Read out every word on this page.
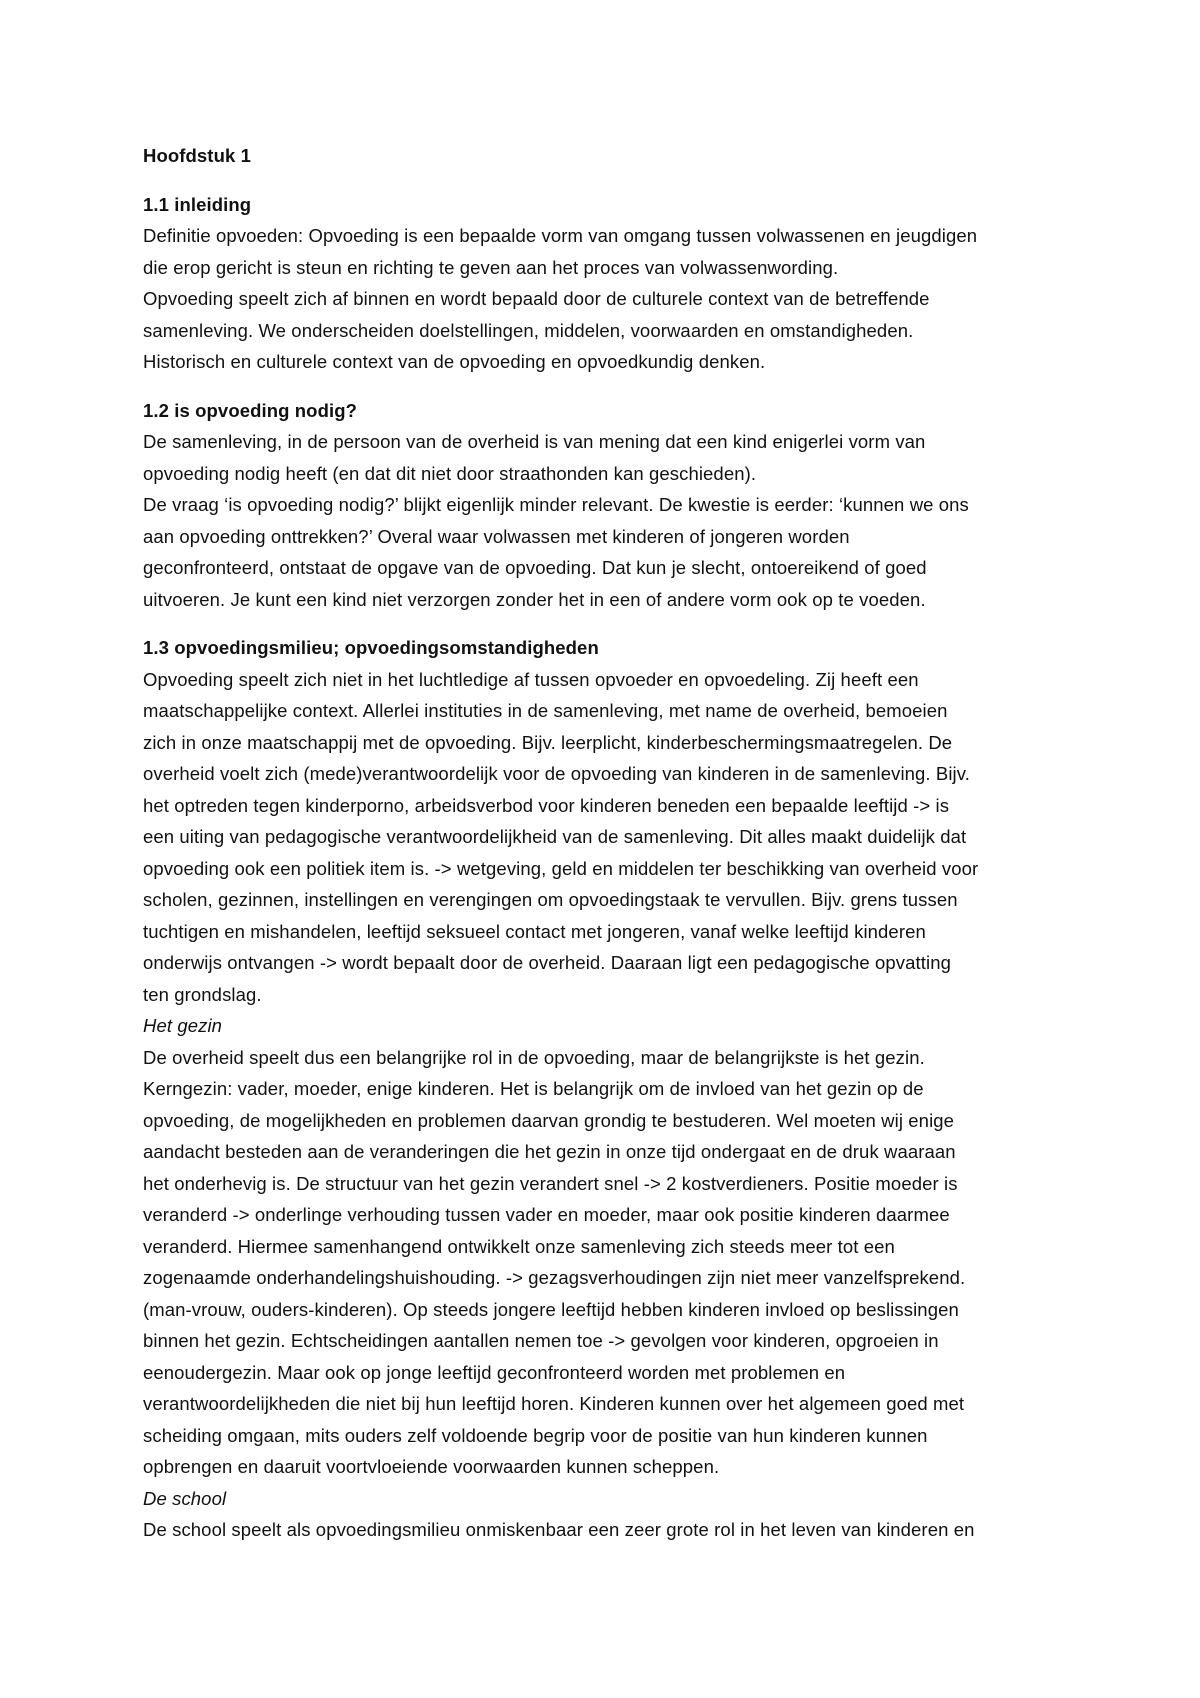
Hoofdstuk 1

1.1 inleiding

Definitie opvoeden: Opvoeding is een bepaalde vorm van omgang tussen volwassenen en jeugdigen

die erop gericht is steun en richting te geven aan het proces van volwassenwording.

Opvoeding speelt zich af binnen en wordt bepaald door de culturele context van de betreffende

samenleving. We onderscheiden doelstellingen, middelen, voorwaarden en omstandigheden.

Historisch en culturele context van de opvoeding en opvoedkundig denken.

1.2 is opvoeding nodig?

De samenleving, in de persoon van de overheid is van mening dat een kind enigerlei vorm van

opvoeding nodig heeft (en dat dit niet door straathonden kan geschieden).

De vraag ‘is opvoeding nodig?’ blijkt eigenlijk minder relevant. De kwestie is eerder: ‘kunnen we ons

aan opvoeding onttrekken?’ Overal waar volwassen met kinderen of jongeren worden

geconfronteerd, ontstaat de opgave van de opvoeding. Dat kun je slecht, ontoereikend of goed

uitvoeren. Je kunt een kind niet verzorgen zonder het in een of andere vorm ook op te voeden.

1.3 opvoedingsmilieu; opvoedingsomstandigheden

Opvoeding speelt zich niet in het luchtledige af tussen opvoeder en opvoedeling. Zij heeft een

maatschappelijke context. Allerlei instituties in de samenleving, met name de overheid, bemoeien

zich in onze maatschappij met de opvoeding. Bijv. leerplicht, kinderbeschermingsmaatregelen. De

overheid voelt zich (mede)verantwoordelijk voor de opvoeding van kinderen in de samenleving. Bijv.

het optreden tegen kinderporno, arbeidsverbod voor kinderen beneden een bepaalde leeftijd -> is

een uiting van pedagogische verantwoordelijkheid van de samenleving. Dit alles maakt duidelijk dat

opvoeding ook een politiek item is. -> wetgeving, geld en middelen ter beschikking van overheid voor

scholen, gezinnen, instellingen en verengingen om opvoedingstaak te vervullen. Bijv. grens tussen

tuchtigen en mishandelen, leeftijd seksueel contact met jongeren, vanaf welke leeftijd kinderen

onderwijs ontvangen -> wordt bepaalt door de overheid. Daaraan ligt een pedagogische opvatting

ten grondslag.

Het gezin

De overheid speelt dus een belangrijke rol in de opvoeding, maar de belangrijkste is het gezin.

Kerngezin: vader, moeder, enige kinderen. Het is belangrijk om de invloed van het gezin op de

opvoeding, de mogelijkheden en problemen daarvan grondig te bestuderen. Wel moeten wij enige

aandacht besteden aan de veranderingen die het gezin in onze tijd ondergaat en de druk waaraan

het onderhevig is. De structuur van het gezin verandert snel -> 2 kostverdieners. Positie moeder is

veranderd -> onderlinge verhouding tussen vader en moeder, maar ook positie kinderen daarmee

veranderd. Hiermee samenhangend ontwikkelt onze samenleving zich steeds meer tot een

zogenaamde onderhandelingshuishouding. -> gezagsverhoudingen zijn niet meer vanzelfsprekend.

(man-vrouw, ouders-kinderen). Op steeds jongere leeftijd hebben kinderen invloed op beslissingen

binnen het gezin. Echtscheidingen aantallen nemen toe -> gevolgen voor kinderen, opgroeien in

eenoudergezin. Maar ook op jonge leeftijd geconfronteerd worden met problemen en

verantwoordelijkheden die niet bij hun leeftijd horen. Kinderen kunnen over het algemeen goed met

scheiding omgaan, mits ouders zelf voldoende begrip voor de positie van hun kinderen kunnen

opbrengen en daaruit voortvloeiende voorwaarden kunnen scheppen.

De school

De school speelt als opvoedingsmilieu onmiskenbaar een zeer grote rol in het leven van kinderen en
